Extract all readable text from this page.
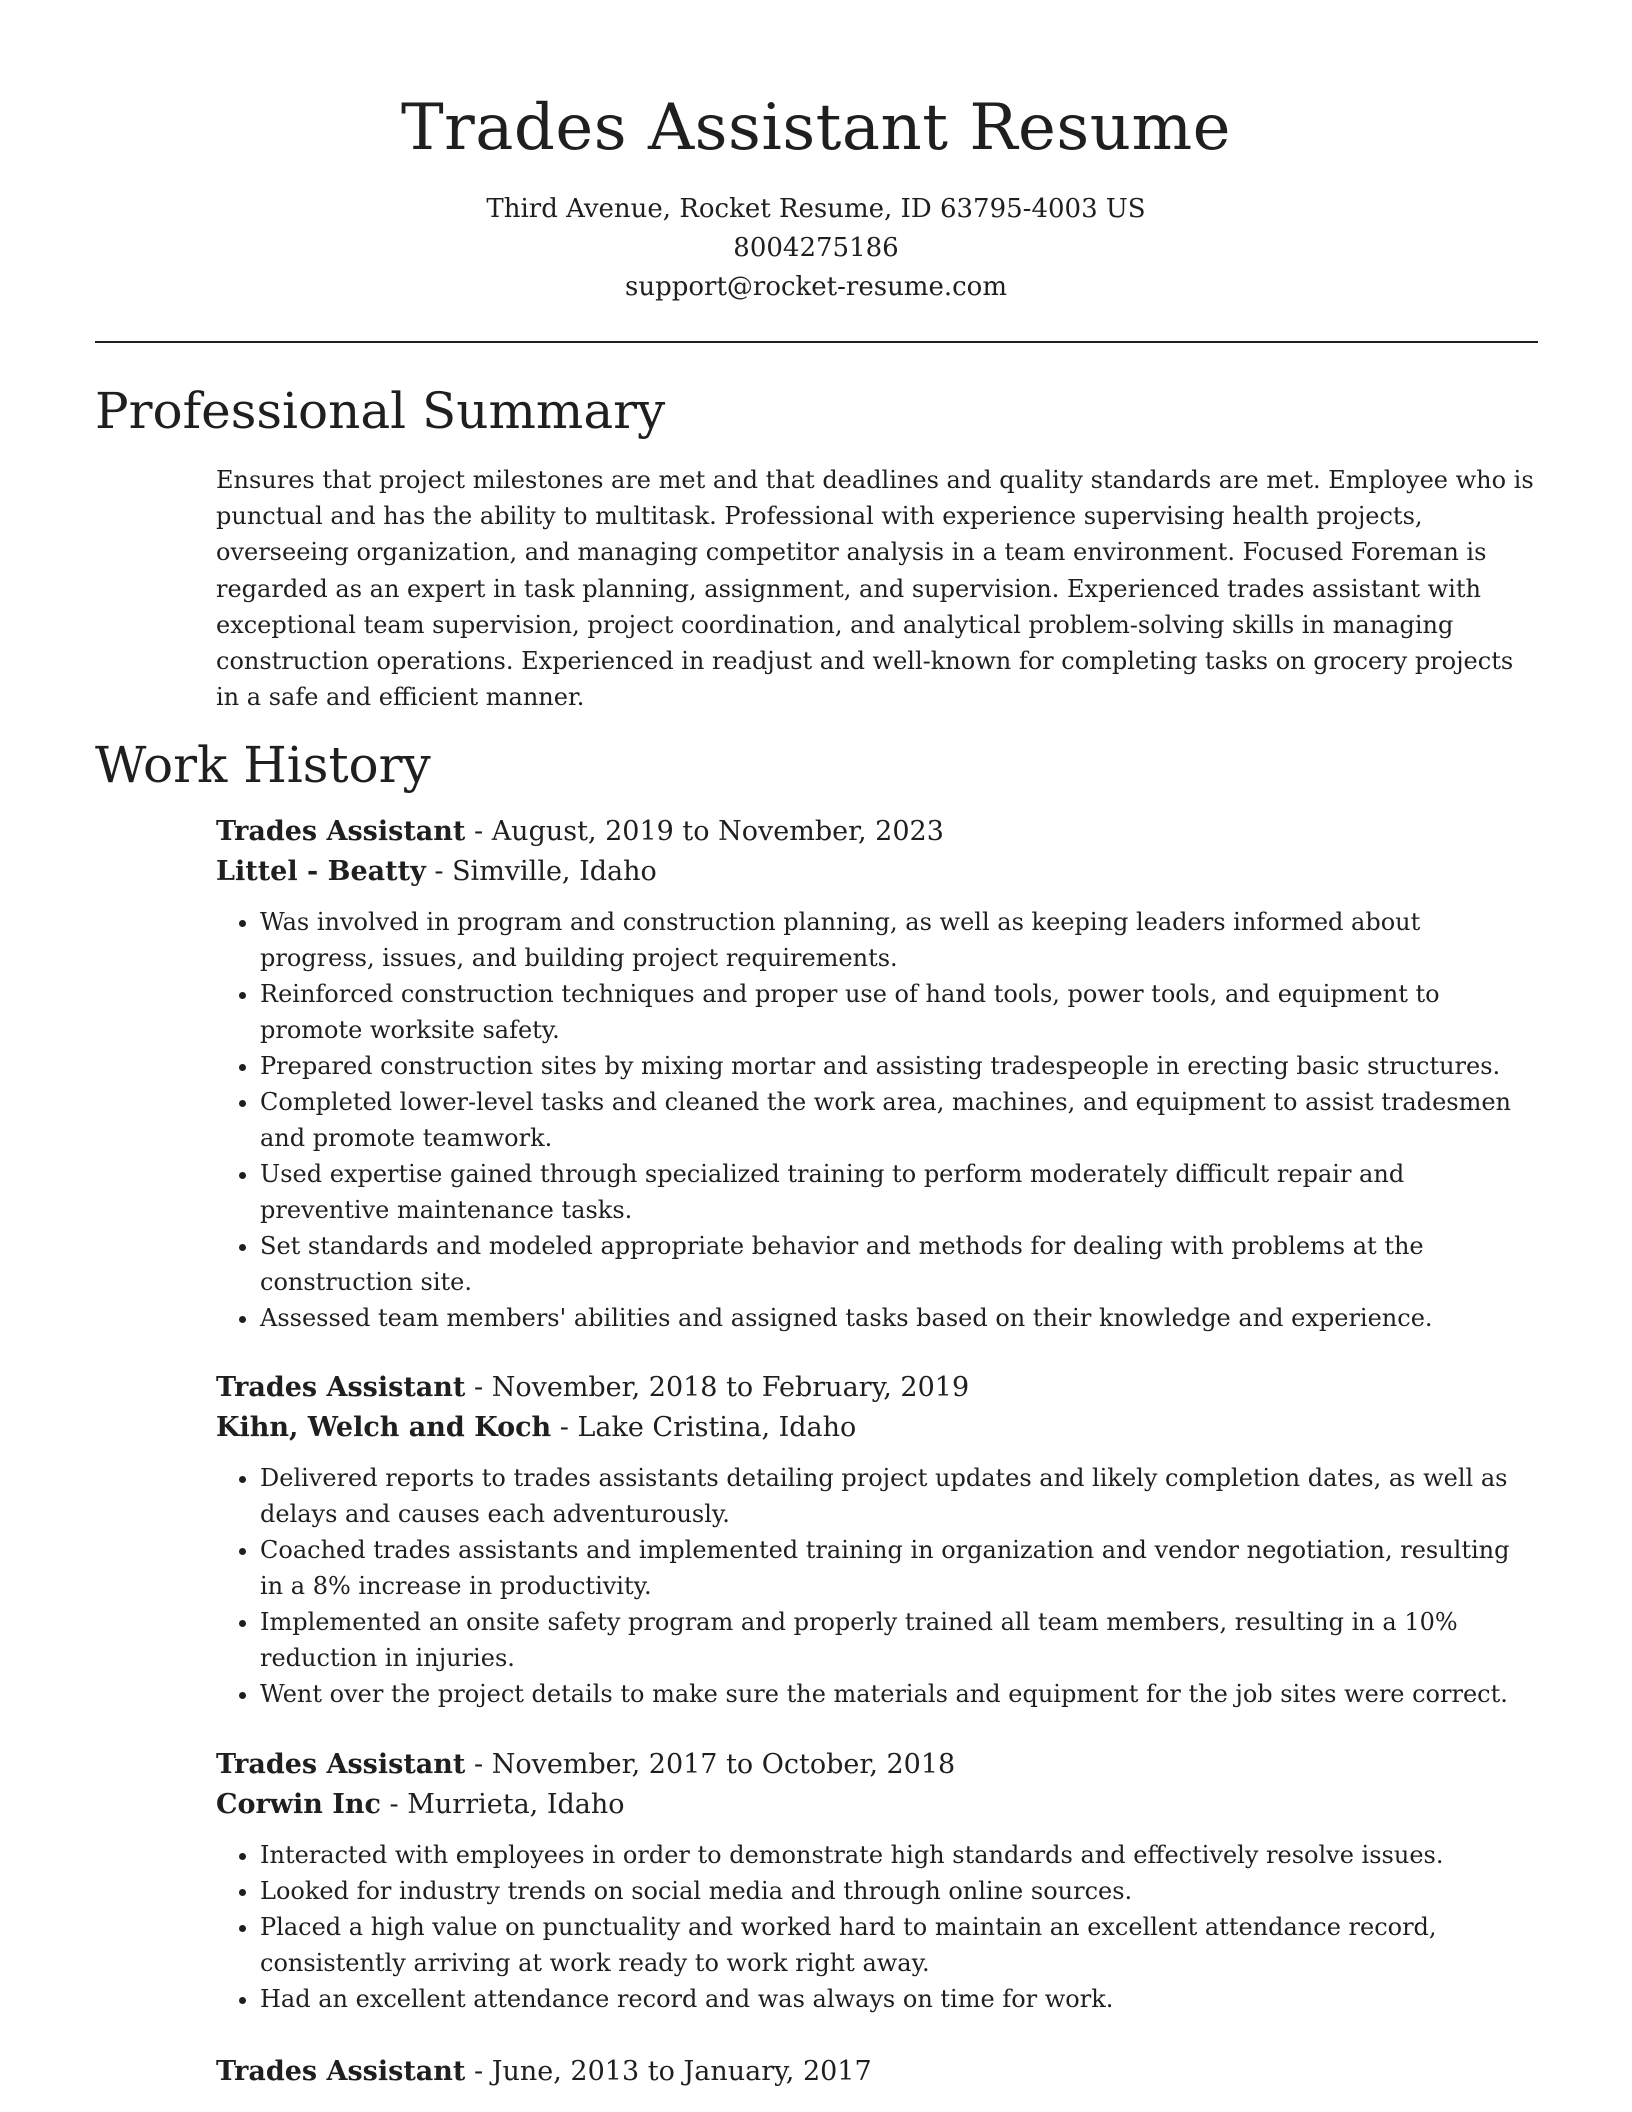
Trades Assistant Resume
Third Avenue, Rocket Resume, ID 63795-4003 US
8004275186
support@rocket-resume.com
Professional Summary

Ensures that project milestones are met and that deadlines and quality standards are met. Employee who is punctual and has the ability to multitask. Professional with experience supervising health projects, overseeing organization, and managing competitor analysis in a team environment. Focused Foreman is regarded as an expert in task planning, assignment, and supervision. Experienced trades assistant with exceptional team supervision, project coordination, and analytical problem-solving skills in managing construction operations. Experienced in readjust and well-known for completing tasks on grocery projects in a safe and efficient manner.

Work History
Trades Assistant - August, 2019 to November, 2023
Littel - Beatty - Simville, Idaho
• Was involved in program and construction planning, as well as keeping leaders informed about progress, issues, and building project requirements.
• Reinforced construction techniques and proper use of hand tools, power tools, and equipment to promote worksite safety.
• Prepared construction sites by mixing mortar and assisting tradespeople in erecting basic structures.
• Completed lower-level tasks and cleaned the work area, machines, and equipment to assist tradesmen and promote teamwork.
• Used expertise gained through specialized training to perform moderately difficult repair and preventive maintenance tasks.
• Set standards and modeled appropriate behavior and methods for dealing with problems at the construction site.
• Assessed team members' abilities and assigned tasks based on their knowledge and experience.
Trades Assistant - November, 2018 to February, 2019
Kihn, Welch and Koch - Lake Cristina, Idaho
• Delivered reports to trades assistants detailing project updates and likely completion dates, as well as delays and causes each adventurously.
• Coached trades assistants and implemented training in organization and vendor negotiation, resulting in a 8% increase in productivity.
• Implemented an onsite safety program and properly trained all team members, resulting in a 10% reduction in injuries.
• Went over the project details to make sure the materials and equipment for the job sites were correct.
Trades Assistant - November, 2017 to October, 2018
Corwin Inc - Murrieta, Idaho
• Interacted with employees in order to demonstrate high standards and effectively resolve issues.
• Looked for industry trends on social media and through online sources.
• Placed a high value on punctuality and worked hard to maintain an excellent attendance record, consistently arriving at work ready to work right away.
• Had an excellent attendance record and was always on time for work.
Trades Assistant - June, 2013 to January, 2017
